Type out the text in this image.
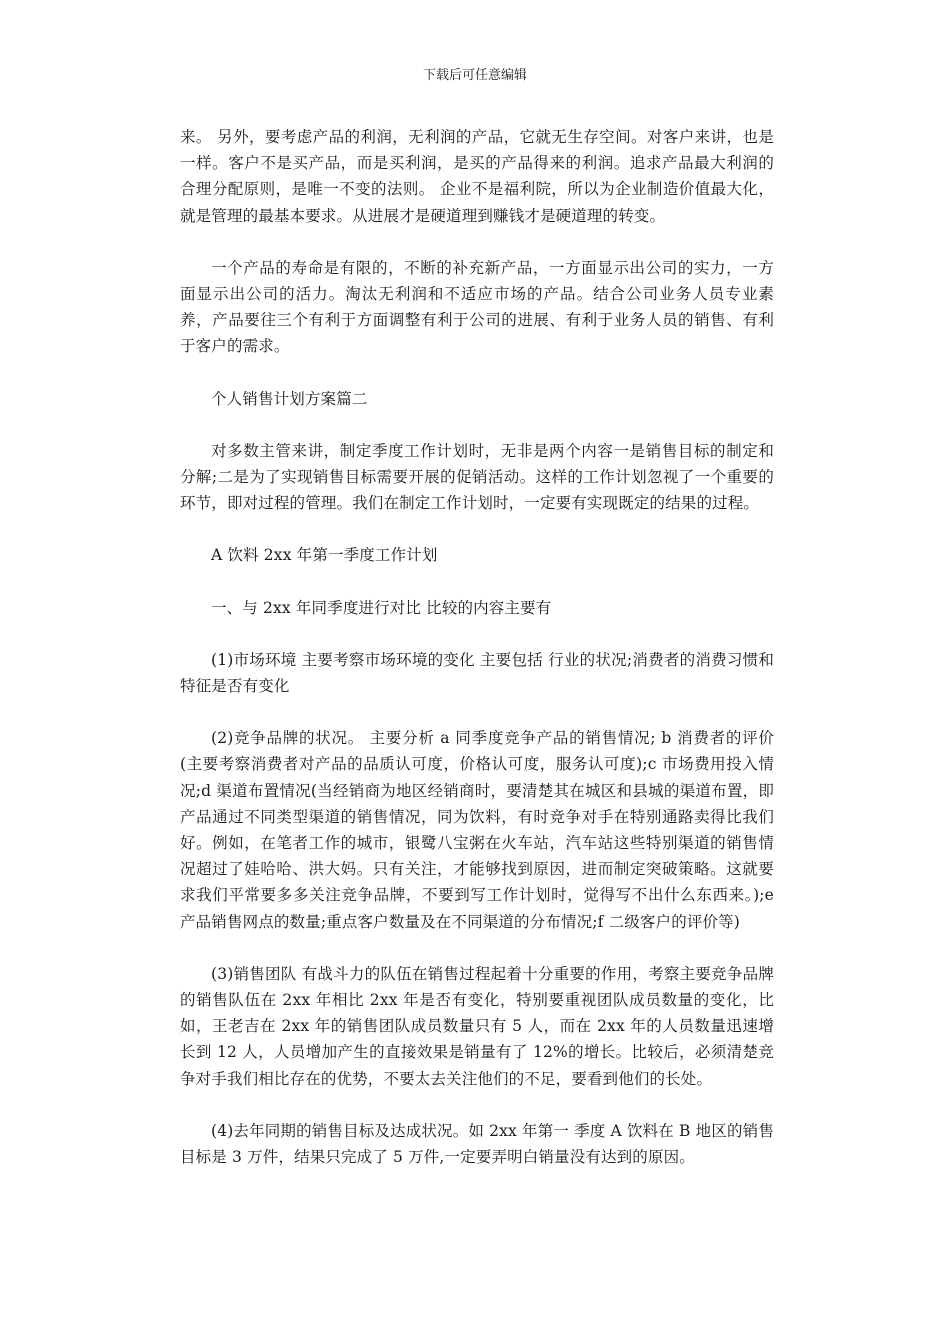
下载后可任意编辑

来。 另外，要考虑产品的利润，无利润的产品，它就无生存空间。对客户来讲，也是一样。客户不是买产品，而是买利润，是买的产品得来的利润。追求产品最大利润的合理分配原则，是唯一不变的法则。 企业不是福利院，所以为企业制造价值最大化，就是管理的最基本要求。从进展才是硬道理到赚钱才是硬道理的转变。

一个产品的寿命是有限的，不断的补充新产品，一方面显示出公司的实力，一方面显示出公司的活力。淘汰无利润和不适应市场的产品。结合公司业务人员专业素养，产品要往三个有利于方面调整有利于公司的进展、有利于业务人员的销售、有利于客户的需求。

个人销售计划方案篇二

对多数主管来讲，制定季度工作计划时，无非是两个内容一是销售目标的制定和分解;二是为了实现销售目标需要开展的促销活动。这样的工作计划忽视了一个重要的环节，即对过程的管理。我们在制定工作计划时，一定要有实现既定的结果的过程。

A 饮料 2xx 年第一季度工作计划

一、与 2xx 年同季度进行对比 比较的内容主要有

(1)市场环境 主要考察市场环境的变化 主要包括 行业的状况;消费者的消费习惯和特征是否有变化

(2)竞争品牌的状况。 主要分析 a 同季度竞争产品的销售情况; b 消费者的评价(主要考察消费者对产品的品质认可度，价格认可度，服务认可度);c 市场费用投入情况;d 渠道布置情况(当经销商为地区经销商时，要清楚其在城区和县城的渠道布置，即产品通过不同类型渠道的销售情况，同为饮料，有时竞争对手在特别通路卖得比我们好。例如，在笔者工作的城市，银鹭八宝粥在火车站，汽车站这些特别渠道的销售情况超过了娃哈哈、洪大妈。只有关注，才能够找到原因，进而制定突破策略。这就要求我们平常要多多关注竞争品牌，不要到写工作计划时，觉得写不出什么东西来。);e 产品销售网点的数量;重点客户数量及在不同渠道的分布情况;f 二级客户的评价等)

(3)销售团队 有战斗力的队伍在销售过程起着十分重要的作用，考察主要竞争品牌的销售队伍在 2xx 年相比 2xx 年是否有变化，特别要重视团队成员数量的变化，比如，王老吉在 2xx 年的销售团队成员数量只有 5 人，而在 2xx 年的人员数量迅速增长到 12 人，人员增加产生的直接效果是销量有了 12%的增长。比较后，必须清楚竞争对手我们相比存在的优势，不要太去关注他们的不足，要看到他们的长处。

(4)去年同期的销售目标及达成状况。如 2xx 年第一 季度 A 饮料在 B 地区的销售目标是 3 万件，结果只完成了 5 万件,一定要弄明白销量没有达到的原因。
